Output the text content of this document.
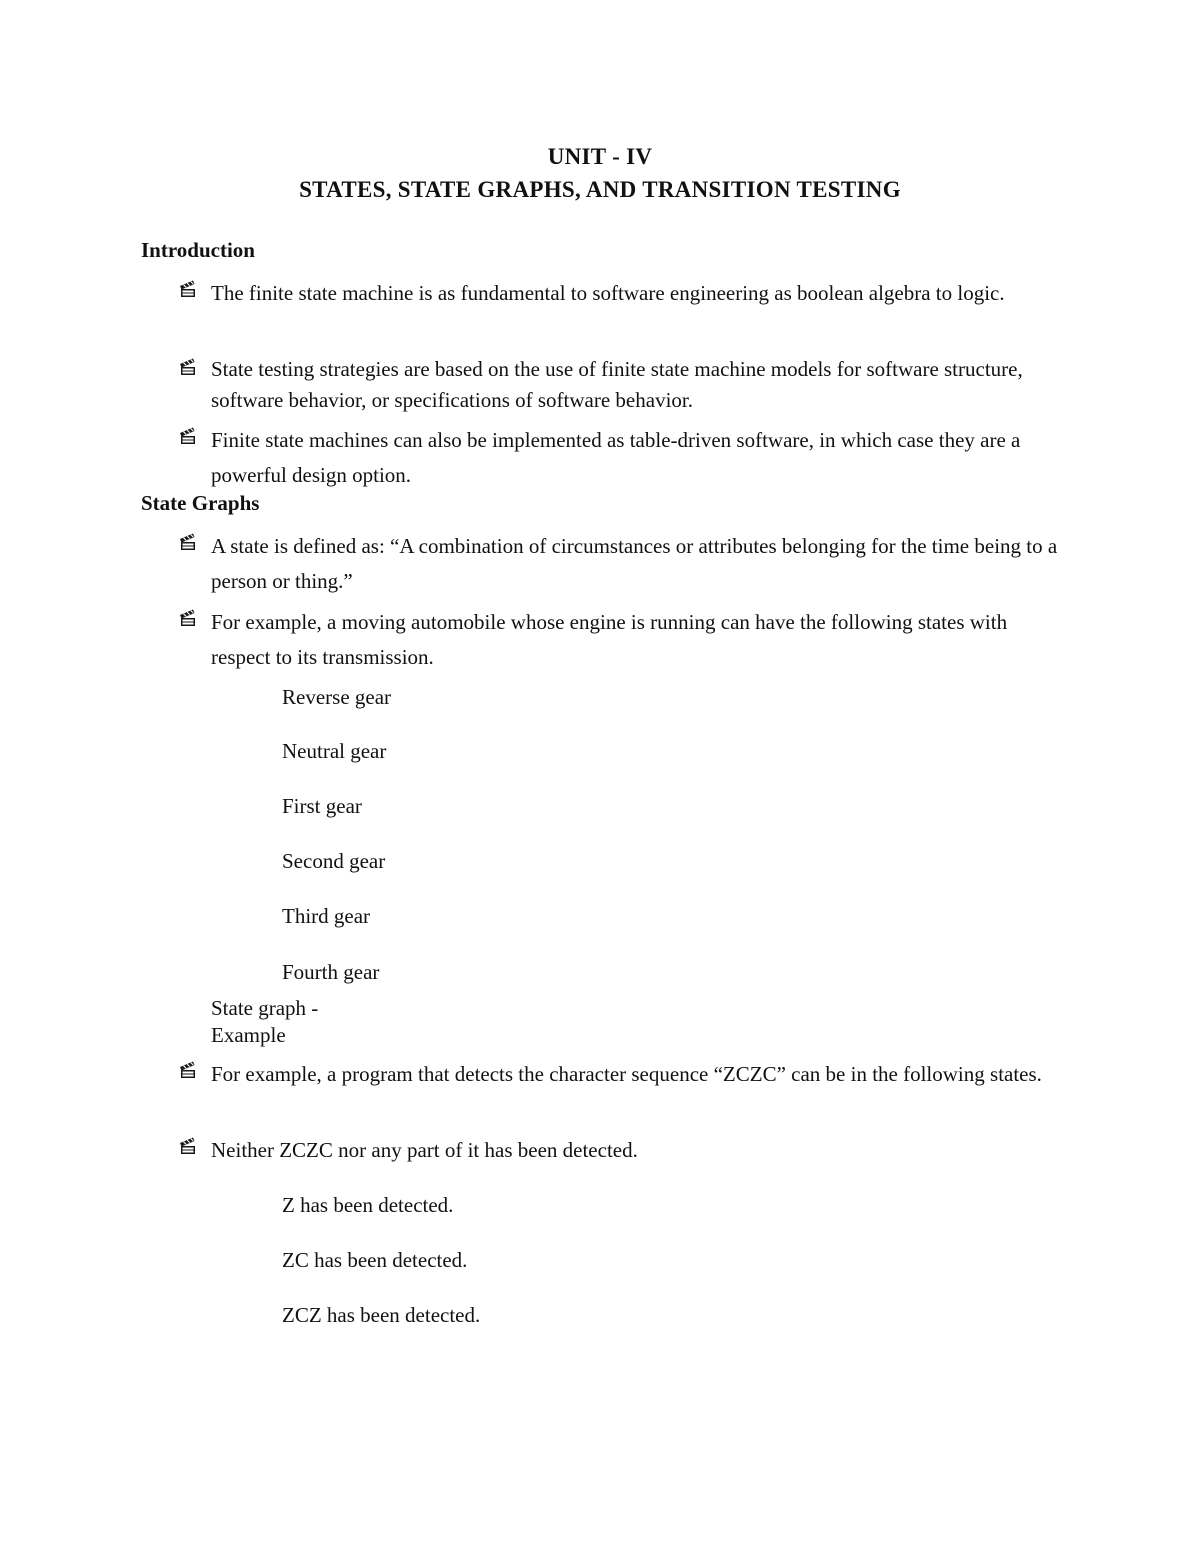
UNIT - IV
STATES, STATE GRAPHS, AND TRANSITION TESTING
Introduction
The finite state machine is as fundamental to software engineering as boolean algebra to logic.
State testing strategies are based on the use of finite state machine models for software structure, software behavior, or specifications of software behavior.
Finite state machines can also be implemented as table-driven software, in which case they are a powerful design option.
State Graphs
A state is defined as: “A combination of circumstances or attributes belonging for the time being to a person or thing.”
For example, a moving automobile whose engine is running can have the following states with respect to its transmission.
Reverse gear
Neutral gear
First gear
Second gear
Third gear
Fourth gear
State graph - Example
For example, a program that detects the character sequence “ZCZC” can be in the following states.
Neither ZCZC nor any part of it has been detected.
Z has been detected.
ZC has been detected.
ZCZ has been detected.
